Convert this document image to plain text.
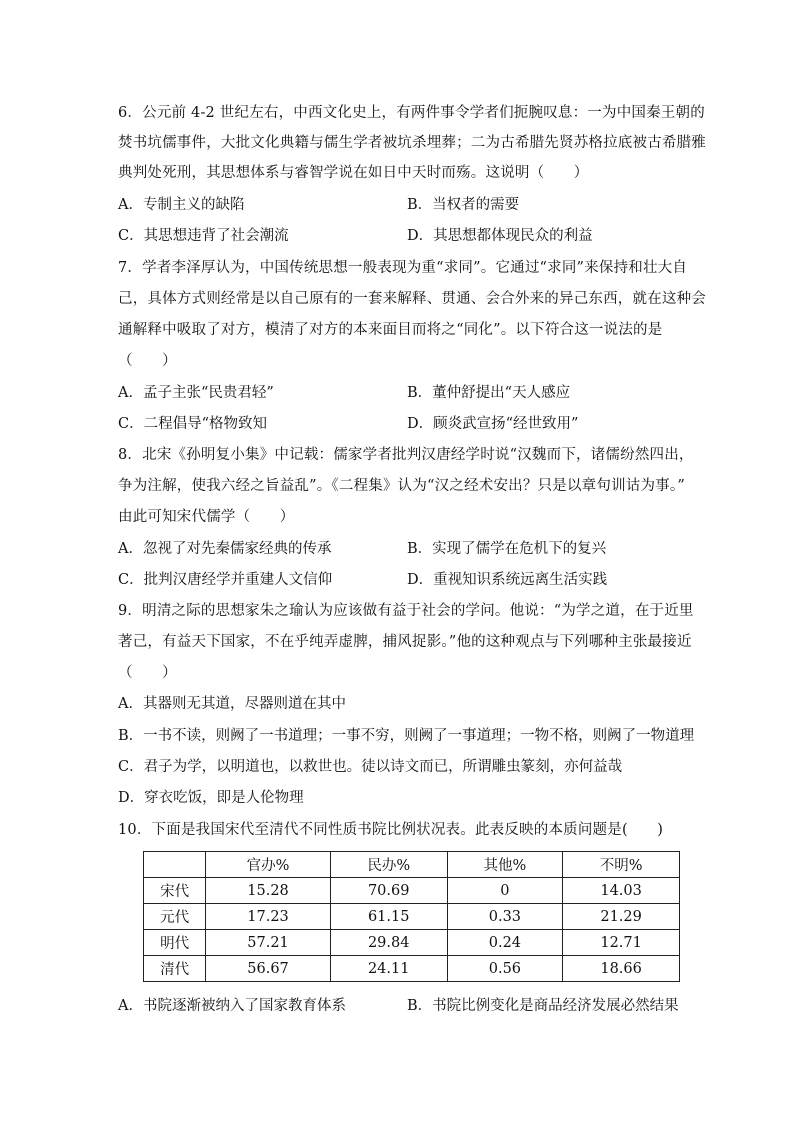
6．公元前 4-2 世纪左右，中西文化史上，有两件事令学者们扼腕叹息：一为中国秦王朝的
焚书坑儒事件，大批文化典籍与儒生学者被坑杀埋葬；二为古希腊先贤苏格拉底被古希腊雅
典判处死刑，其思想体系与睿智学说在如日中天时而殇。这说明（　　）
A．专制主义的缺陷	B．当权者的需要
C．其思想违背了社会潮流	D．其思想都体现民众的利益
7．学者李泽厚认为，中国传统思想一般表现为重“求同”。它通过“求同”来保持和壮大自
己，具体方式则经常是以自己原有的一套来解释、贯通、会合外来的异己东西，就在这种会
通解释中吸取了对方，模清了对方的本来面目而将之“同化”。以下符合这一说法的是
（　　）
A．孟子主张“民贵君轻”	B．董仲舒提出“天人感应
C．二程倡导“格物致知	D．顾炎武宣扬“经世致用”
8．北宋《孙明复小集》中记载：儒家学者批判汉唐经学时说“汉魏而下，诸儒纷然四出，
争为注解，使我六经之旨益乱”。《二程集》认为“汉之经术安出？只是以章句训诂为事。”
由此可知宋代儒学（　　）
A．忽视了对先秦儒家经典的传承	B．实现了儒学在危机下的复兴
C．批判汉唐经学并重建人文信仰	D．重视知识系统远离生活实践
9．明清之际的思想家朱之瑜认为应该做有益于社会的学问。他说：“为学之道，在于近里
著己，有益天下国家，不在乎纯弄虚脾，捕风捉影。”他的这种观点与下列哪种主张最接近
（　　）
A．其器则无其道，尽器则道在其中
B．一书不读，则阙了一书道理；一事不穷，则阙了一事道理；一物不格，则阙了一物道理
C．君子为学，以明道也，以救世也。徒以诗文而已，所谓雕虫篆刻，亦何益哉
D．穿衣吃饭，即是人伦物理
10．下面是我国宋代至清代不同性质书院比例状况表。此表反映的本质问题是(　　)
	官办%	民办%	其他%	不明%
宋代	15.28	70.69	0	14.03
元代	17.23	61.15	0.33	21.29
明代	57.21	29.84	0.24	12.71
清代	56.67	24.11	0.56	18.66
A．书院逐渐被纳入了国家教育体系	B．书院比例变化是商品经济发展必然结果
